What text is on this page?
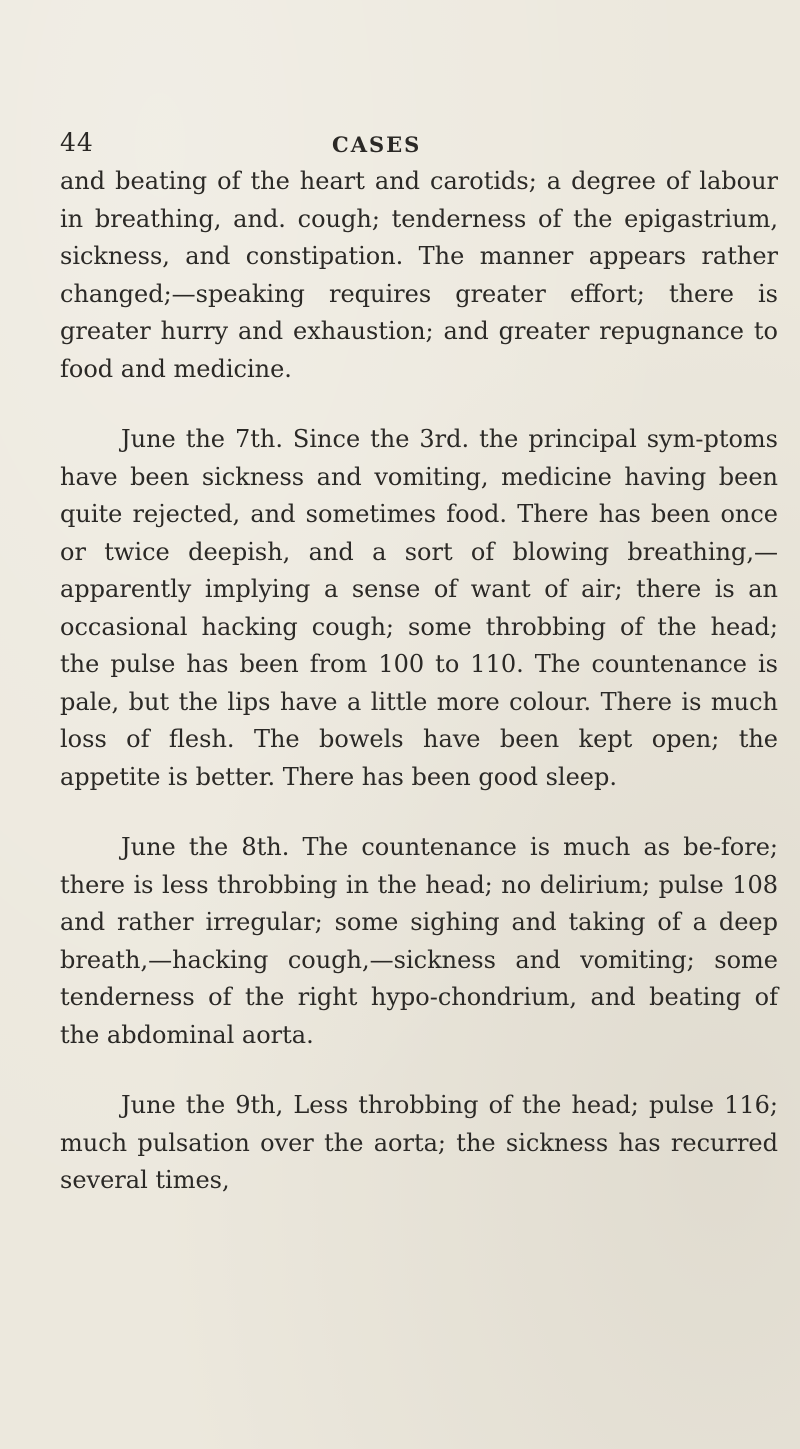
44	CASES

and beating of the heart and carotids; a degree of labour in breathing, and. cough; tenderness of the epigastrium, sickness, and constipation. The manner appears rather changed;—speaking requires greater effort; there is greater hurry and exhaustion; and greater repugnance to food and medicine.

June the 7th. Since the 3rd. the principal sym-ptoms have been sickness and vomiting, medicine having been quite rejected, and sometimes food. There has been once or twice deepish, and a sort of blowing breathing,—apparently implying a sense of want of air; there is an occasional hacking cough; some throbbing of the head; the pulse has been from 100 to 110. The countenance is pale, but the lips have a little more colour. There is much loss of flesh. The bowels have been kept open; the appetite is better. There has been good sleep.

June the 8th. The countenance is much as be-fore; there is less throbbing in the head; no delirium; pulse 108 and rather irregular; some sighing and taking of a deep breath,—hacking cough,—sickness and vomiting; some tenderness of the right hypo-chondrium, and beating of the abdominal aorta.

June the 9th, Less throbbing of the head; pulse 116; much pulsation over the aorta; the sickness has recurred several times,
